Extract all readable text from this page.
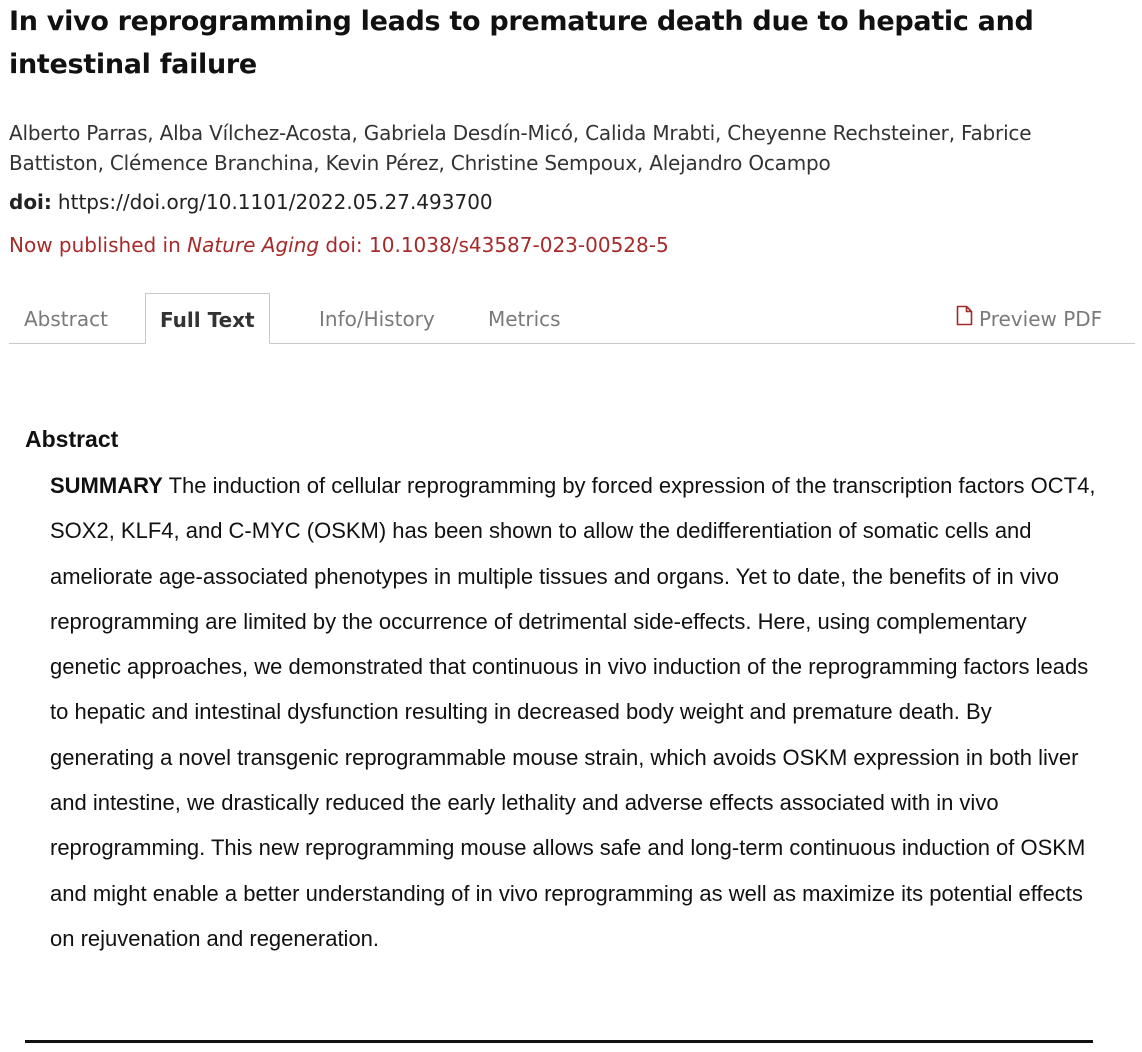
In vivo reprogramming leads to premature death due to hepatic and intestinal failure
Alberto Parras, Alba Vílchez-Acosta, Gabriela Desdín-Micó, Calida Mrabti, Cheyenne Rechsteiner, Fabrice Battiston, Clémence Branchina, Kevin Pérez, Christine Sempoux, Alejandro Ocampo
doi: https://doi.org/10.1101/2022.05.27.493700
Now published in Nature Aging doi: 10.1038/s43587-023-00528-5
Abstract	Full Text	Info/History	Metrics	Preview PDF
Abstract

SUMMARY The induction of cellular reprogramming by forced expression of the transcription factors OCT4, SOX2, KLF4, and C-MYC (OSKM) has been shown to allow the dedifferentiation of somatic cells and ameliorate age-associated phenotypes in multiple tissues and organs. Yet to date, the benefits of in vivo reprogramming are limited by the occurrence of detrimental side-effects. Here, using complementary genetic approaches, we demonstrated that continuous in vivo induction of the reprogramming factors leads to hepatic and intestinal dysfunction resulting in decreased body weight and premature death. By generating a novel transgenic reprogrammable mouse strain, which avoids OSKM expression in both liver and intestine, we drastically reduced the early lethality and adverse effects associated with in vivo reprogramming. This new reprogramming mouse allows safe and long-term continuous induction of OSKM and might enable a better understanding of in vivo reprogramming as well as maximize its potential effects on rejuvenation and regeneration.
